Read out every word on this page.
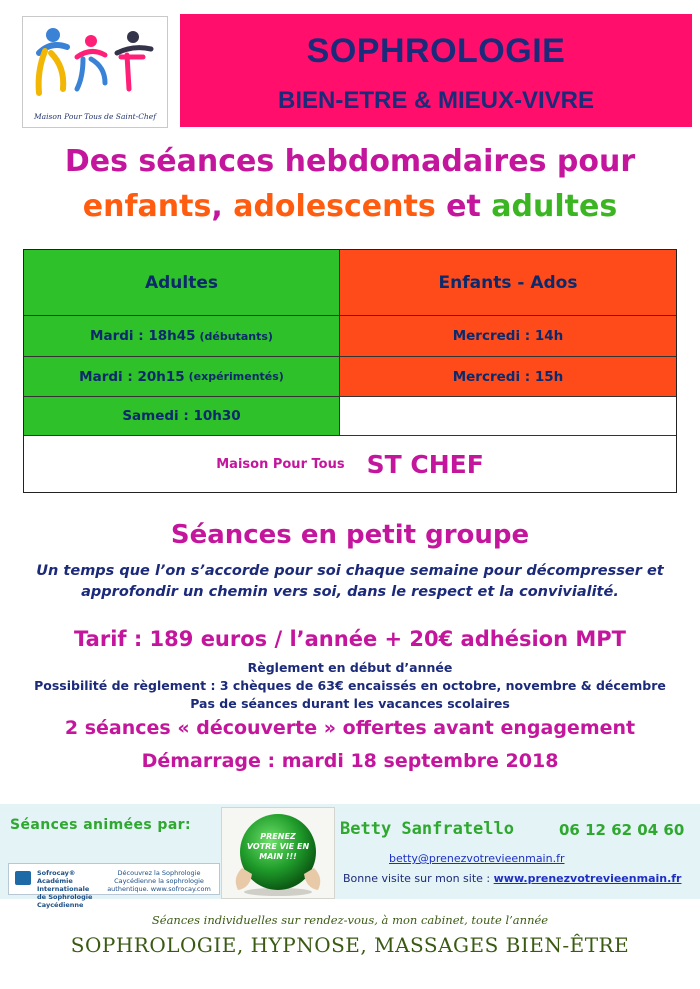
Maison Pour Tous de Saint-Chef
SOPHROLOGIE
BIEN-ETRE & MIEUX-VIVRE
Des séances hebdomadaires pour
enfants, adolescents et adultes
Adultes	Enfants - Ados
Mardi : 18h45 (débutants)	Mercredi : 14h
Mardi : 20h15 (expérimentés)	Mercredi : 15h
Samedi : 10h30
Maison Pour Tous ST CHEF
Séances en petit groupe
Un temps que l’on s’accorde pour soi chaque semaine pour décompresser et
approfondir un chemin vers soi, dans le respect et la convivialité.
Tarif : 189 euros / l’année + 20€ adhésion MPT
Règlement en début d’année
Possibilité de règlement : 3 chèques de 63€ encaissés en octobre, novembre & décembre
Pas de séances durant les vacances scolaires
2 séances « découverte » offertes avant engagement
Démarrage : mardi 18 septembre 2018
Séances animées par:
Sofrocay® Académie Internationale de Sophrologie Caycédienne
Découvrez la Sophrologie Caycédienne la sophrologie authentique. www.sofrocay.com
PRENEZ VOTRE VIE EN MAIN !!!
Betty Sanfratello	06 12 62 04 60
betty@prenezvotrevieenmain.fr
Bonne visite sur mon site : www.prenezvotrevieenmain.fr
Séances individuelles sur rendez-vous, à mon cabinet, toute l’année
SOPHROLOGIE, HYPNOSE, MASSAGES BIEN-ÊTRE
